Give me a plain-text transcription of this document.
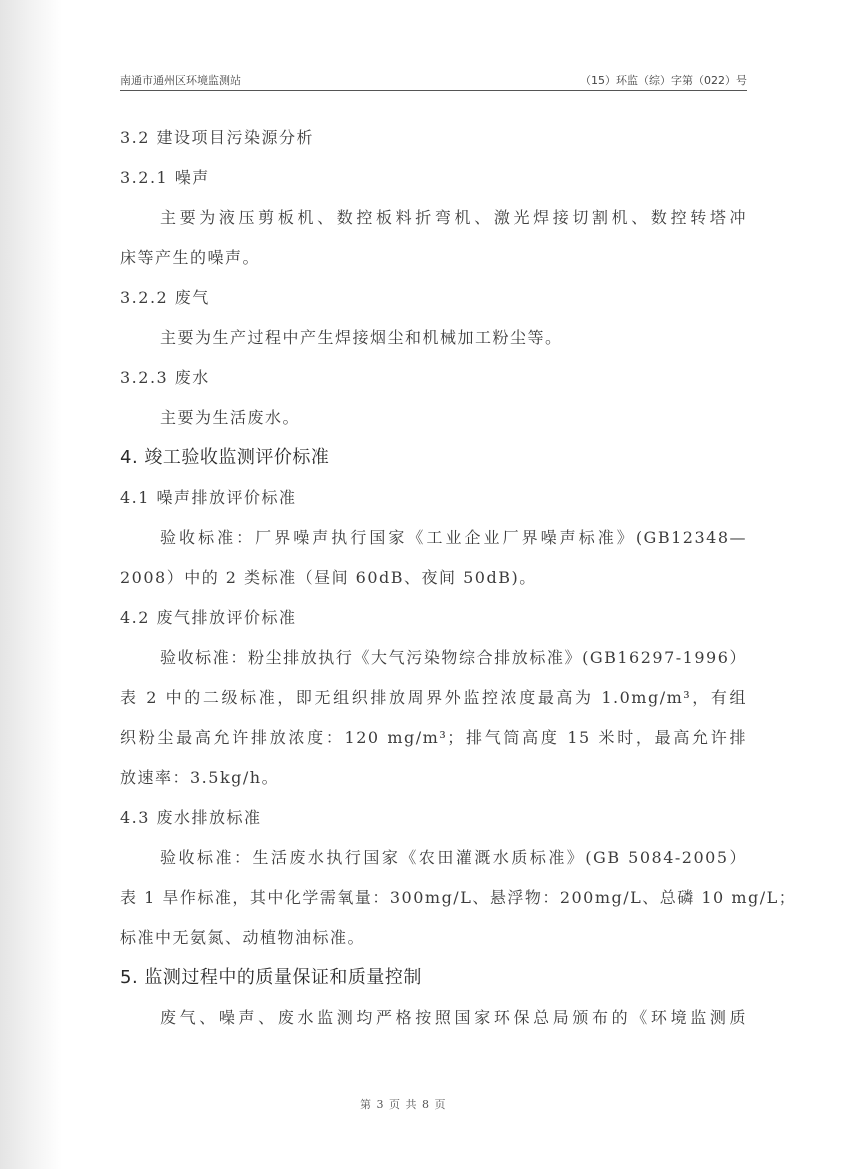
南通市通州区环境监测站	（15）环监（综）字第（022）号
3.2 建设项目污染源分析
3.2.1 噪声
主要为液压剪板机、数控板料折弯机、激光焊接切割机、数控转塔冲
床等产生的噪声。
3.2.2 废气
主要为生产过程中产生焊接烟尘和机械加工粉尘等。
3.2.3 废水
主要为生活废水。
4. 竣工验收监测评价标准
4.1 噪声排放评价标准
验收标准：厂界噪声执行国家《工业企业厂界噪声标准》(GB12348—
2008）中的 2 类标准（昼间 60dB、夜间 50dB)。
4.2 废气排放评价标准
验收标准：粉尘排放执行《大气污染物综合排放标准》(GB16297-1996）
表 2 中的二级标准，即无组织排放周界外监控浓度最高为 1.0mg/m³，有组
织粉尘最高允许排放浓度：120 mg/m³；排气筒高度 15 米时，最高允许排
放速率：3.5kg/h。
4.3 废水排放标准
验收标准：生活废水执行国家《农田灌溉水质标准》(GB 5084-2005）
表 1 旱作标准，其中化学需氧量：300mg/L、悬浮物：200mg/L、总磷 10 mg/L；
标准中无氨氮、动植物油标准。
5. 监测过程中的质量保证和质量控制
废气、噪声、废水监测均严格按照国家环保总局颁布的《环境监测质
第 3 页 共 8 页
